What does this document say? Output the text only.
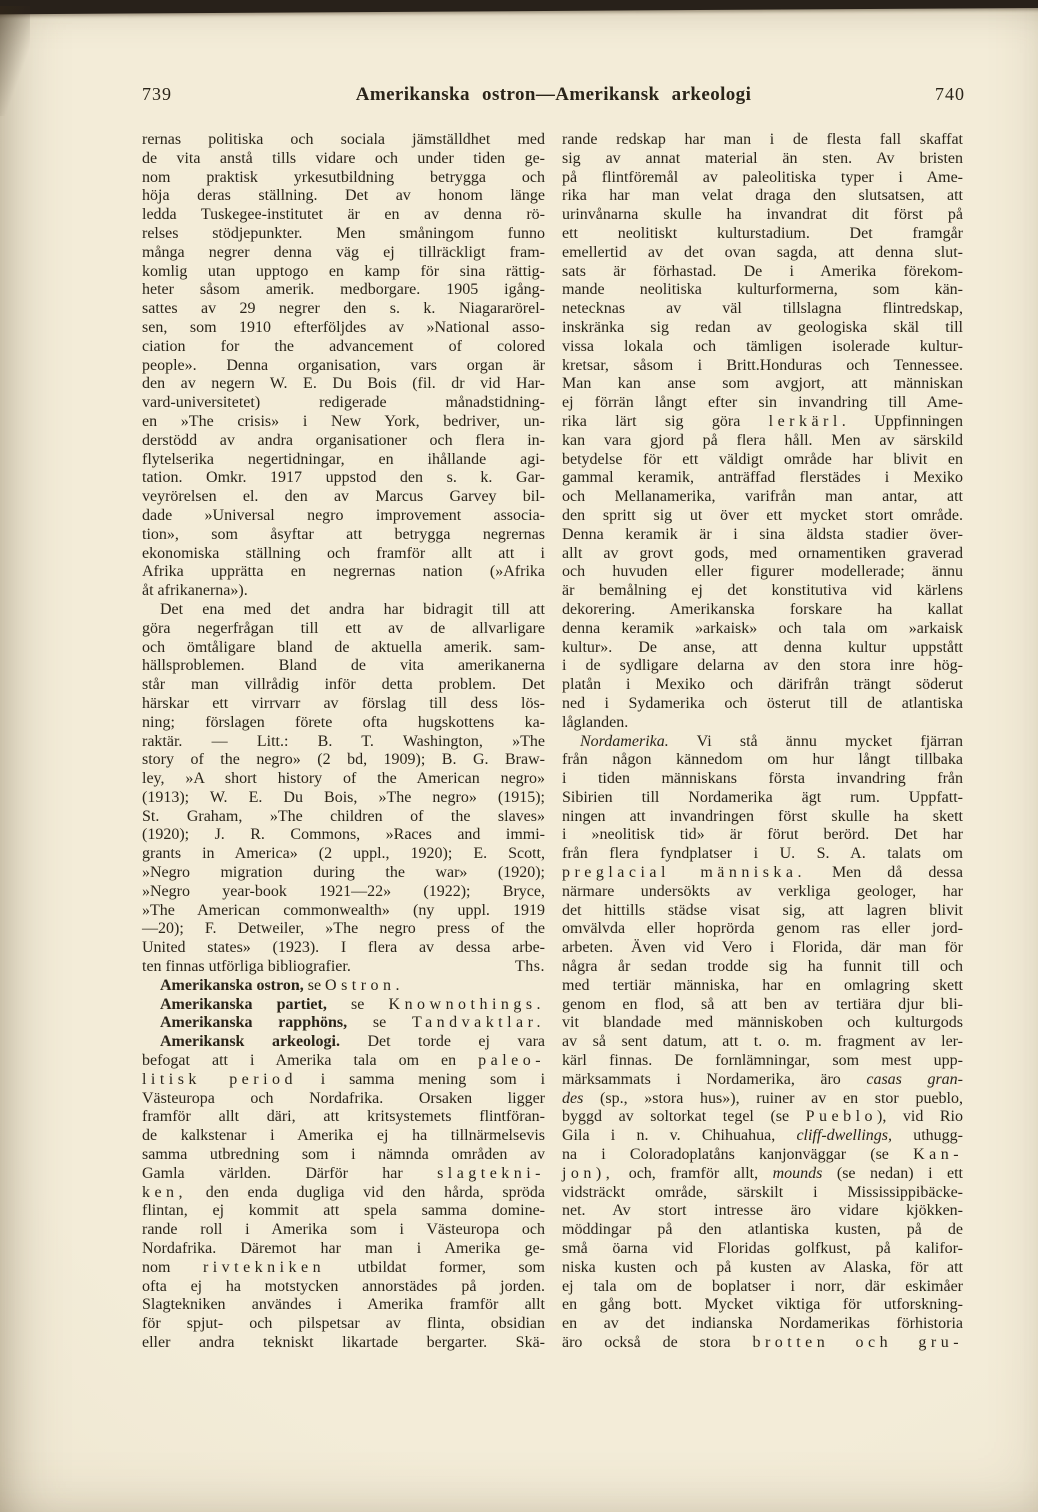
739	Amerikanska ostron—Amerikansk arkeologi	740
rernas politiska och sociala jämställdhet med
de vita anstå tills vidare och under tiden ge-
nom praktisk yrkesutbildning betrygga och
höja deras ställning. Det av honom länge
ledda Tuskegee-institutet är en av denna rö-
relses stödjepunkter. Men småningom funno
många negrer denna väg ej tillräckligt fram-
komlig utan upptogo en kamp för sina rättig-
heter såsom amerik. medborgare. 1905 igång-
sattes av 29 negrer den s. k. Niagararörel-
sen, som 1910 efterföljdes av »National asso-
ciation for the advancement of colored
people». Denna organisation, vars organ är
den av negern W. E. Du Bois (fil. dr vid Har-
vard-universitetet) redigerade månadstidning-
en »The crisis» i New York, bedriver, un-
derstödd av andra organisationer och flera in-
flytelserika negertidningar, en ihållande agi-
tation. Omkr. 1917 uppstod den s. k. Gar-
veyrörelsen el. den av Marcus Garvey bil-
dade »Universal negro improvement associa-
tion», som åsyftar att betrygga negrernas
ekonomiska ställning och framför allt att i
Afrika upprätta en negrernas nation (»Afrika
åt afrikanerna»).
Det ena med det andra har bidragit till att
göra negerfrågan till ett av de allvarligare
och ömtåligare bland de aktuella amerik. sam-
hällsproblemen. Bland de vita amerikanerna
står man villrådig inför detta problem. Det
härskar ett virrvarr av förslag till dess lös-
ning; förslagen förete ofta hugskottens ka-
raktär. — Litt.: B. T. Washington, »The
story of the negro» (2 bd, 1909); B. G. Braw-
ley, »A short history of the American negro»
(1913); W. E. Du Bois, »The negro» (1915);
St. Graham, »The children of the slaves»
(1920); J. R. Commons, »Races and immi-
grants in America» (2 uppl., 1920); E. Scott,
»Negro migration during the war» (1920);
»Negro year-book 1921—22» (1922); Bryce,
»The American commonwealth» (ny uppl. 1919
—20); F. Detweiler, »The negro press of the
United states» (1923). I flera av dessa arbe-
ten finnas utförliga bibliografier.	Ths.
Amerikanska ostron, se Ostron.
Amerikanska partiet, se Knownothings.
Amerikanska rapphöns, se Tandvaktlar.
Amerikansk arkeologi. Det torde ej vara
befogat att i Amerika tala om en paleo-
litisk period i samma mening som i
Västeuropa och Nordafrika. Orsaken ligger
framför allt däri, att kritsystemets flintföran-
de kalkstenar i Amerika ej ha tillnärmelsevis
samma utbredning som i nämnda områden av
Gamla världen. Därför har slagtekni-
ken, den enda dugliga vid den hårda, spröda
flintan, ej kommit att spela samma domine-
rande roll i Amerika som i Västeuropa och
Nordafrika. Däremot har man i Amerika ge-
nom rivtekniken utbildat former, som
ofta ej ha motstycken annorstädes på jorden.
Slagtekniken användes i Amerika framför allt
för spjut- och pilspetsar av flinta, obsidian
eller andra tekniskt likartade bergarter. Skä-
rande redskap har man i de flesta fall skaffat
sig av annat material än sten. Av bristen
på flintföremål av paleolitiska typer i Ame-
rika har man velat draga den slutsatsen, att
urinvånarna skulle ha invandrat dit först på
ett neolitiskt kulturstadium. Det framgår
emellertid av det ovan sagda, att denna slut-
sats är förhastad. De i Amerika förekom-
mande neolitiska kulturformerna, som kän-
netecknas av väl tillslagna flintredskap,
inskränka sig redan av geologiska skäl till
vissa lokala och tämligen isolerade kultur-
kretsar, såsom i Britt.Honduras och Tennessee.
Man kan anse som avgjort, att människan
ej förrän långt efter sin invandring till Ame-
rika lärt sig göra lerkärl. Uppfinningen
kan vara gjord på flera håll. Men av särskild
betydelse för ett väldigt område har blivit en
gammal keramik, anträffad flerstädes i Mexiko
och Mellanamerika, varifrån man antar, att
den spritt sig ut över ett mycket stort område.
Denna keramik är i sina äldsta stadier över-
allt av grovt gods, med ornamentiken graverad
och huvuden eller figurer modellerade; ännu
är bemålning ej det konstitutiva vid kärlens
dekorering. Amerikanska forskare ha kallat
denna keramik »arkaisk» och tala om »arkaisk
kultur». De anse, att denna kultur uppstått
i de sydligare delarna av den stora inre hög-
platån i Mexiko och därifrån trängt söderut
ned i Sydamerika och österut till de atlantiska
låglanden.
Nordamerika. Vi stå ännu mycket fjärran
från någon kännedom om hur långt tillbaka
i tiden människans första invandring från
Sibirien till Nordamerika ägt rum. Uppfatt-
ningen att invandringen först skulle ha skett
i »neolitisk tid» är förut berörd. Det har
från flera fyndplatser i U. S. A. talats om
preglacial människa. Men då dessa
närmare undersökts av verkliga geologer, har
det hittills städse visat sig, att lagren blivit
omvälvda eller hoprörda genom ras eller jord-
arbeten. Även vid Vero i Florida, där man för
några år sedan trodde sig ha funnit till och
med tertiär människa, har en omlagring skett
genom en flod, så att ben av tertiära djur bli-
vit blandade med människoben och kulturgods
av så sent datum, att t. o. m. fragment av ler-
kärl finnas. De fornlämningar, som mest upp-
märksammats i Nordamerika, äro casas gran-
des (sp., »stora hus»), ruiner av en stor pueblo,
byggd av soltorkat tegel (se Pueblo), vid Rio
Gila i n. v. Chihuahua, cliff-dwellings, uthugg-
na i Coloradoplatåns kanjonväggar (se Kan-
jon), och, framför allt, mounds (se nedan) i ett
vidsträckt område, särskilt i Mississippibäcke-
net. Av stort intresse äro vidare kjökken-
möddingar på den atlantiska kusten, på de
små öarna vid Floridas golfkust, på kalifor-
niska kusten och på kusten av Alaska, för att
ej tala om de boplatser i norr, där eskimåer
en gång bott. Mycket viktiga för utforskning-
en av det indianska Nordamerikas förhistoria
äro också de stora brotten och gru-
